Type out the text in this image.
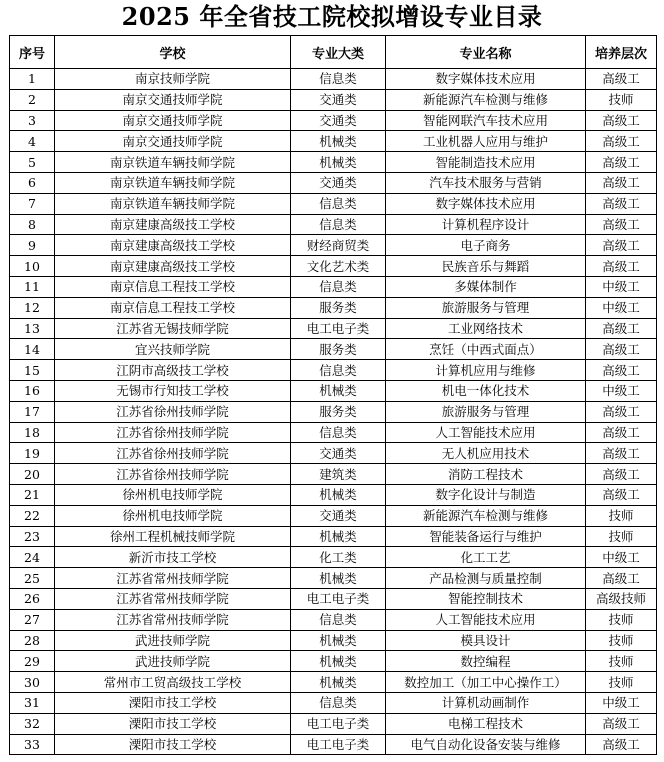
2025 年全省技工院校拟增设专业目录
序号	学校	专业大类	专业名称	培养层次
1	南京技师学院	信息类	数字媒体技术应用	高级工
2	南京交通技师学院	交通类	新能源汽车检测与维修	技师
3	南京交通技师学院	交通类	智能网联汽车技术应用	高级工
4	南京交通技师学院	机械类	工业机器人应用与维护	高级工
5	南京铁道车辆技师学院	机械类	智能制造技术应用	高级工
6	南京铁道车辆技师学院	交通类	汽车技术服务与营销	高级工
7	南京铁道车辆技师学院	信息类	数字媒体技术应用	高级工
8	南京建康高级技工学校	信息类	计算机程序设计	高级工
9	南京建康高级技工学校	财经商贸类	电子商务	高级工
10	南京建康高级技工学校	文化艺术类	民族音乐与舞蹈	高级工
11	南京信息工程技工学校	信息类	多媒体制作	中级工
12	南京信息工程技工学校	服务类	旅游服务与管理	中级工
13	江苏省无锡技师学院	电工电子类	工业网络技术	高级工
14	宜兴技师学院	服务类	烹饪（中西式面点）	高级工
15	江阴市高级技工学校	信息类	计算机应用与维修	高级工
16	无锡市行知技工学校	机械类	机电一体化技术	中级工
17	江苏省徐州技师学院	服务类	旅游服务与管理	高级工
18	江苏省徐州技师学院	信息类	人工智能技术应用	高级工
19	江苏省徐州技师学院	交通类	无人机应用技术	高级工
20	江苏省徐州技师学院	建筑类	消防工程技术	高级工
21	徐州机电技师学院	机械类	数字化设计与制造	高级工
22	徐州机电技师学院	交通类	新能源汽车检测与维修	技师
23	徐州工程机械技师学院	机械类	智能装备运行与维护	技师
24	新沂市技工学校	化工类	化工工艺	中级工
25	江苏省常州技师学院	机械类	产品检测与质量控制	高级工
26	江苏省常州技师学院	电工电子类	智能控制技术	高级技师
27	江苏省常州技师学院	信息类	人工智能技术应用	技师
28	武进技师学院	机械类	模具设计	技师
29	武进技师学院	机械类	数控编程	技师
30	常州市工贸高级技工学校	机械类	数控加工（加工中心操作工）	技师
31	溧阳市技工学校	信息类	计算机动画制作	中级工
32	溧阳市技工学校	电工电子类	电梯工程技术	高级工
33	溧阳市技工学校	电工电子类	电气自动化设备安装与维修	高级工
